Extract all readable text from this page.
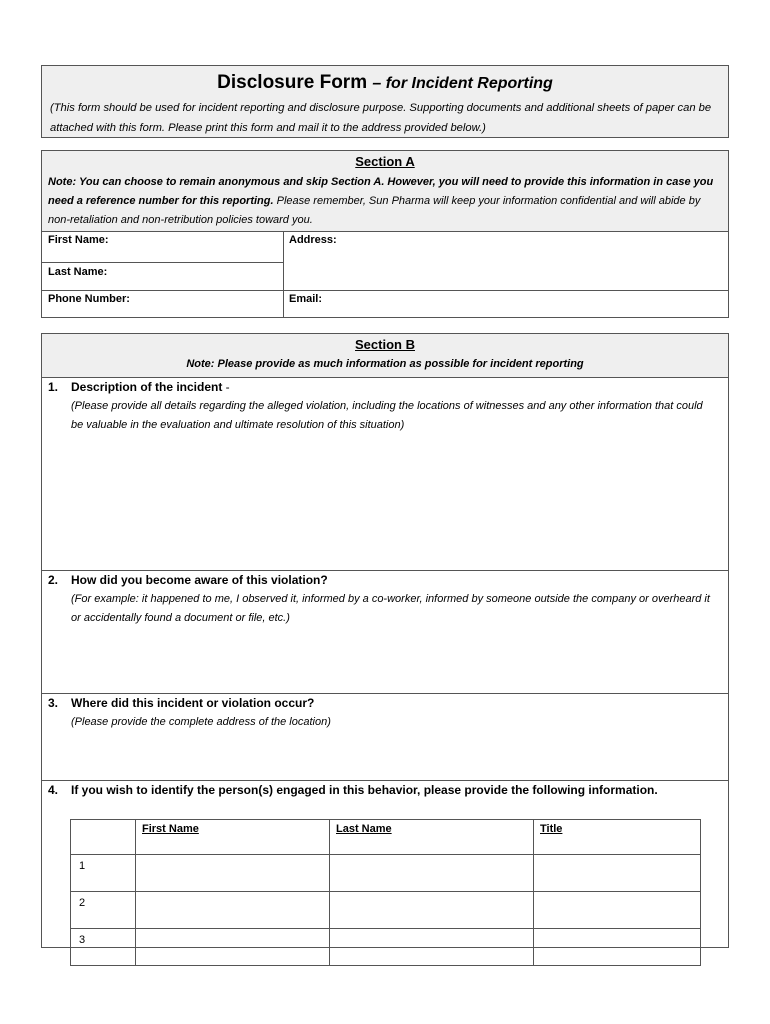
Disclosure Form – for Incident Reporting
(This form should be used for incident reporting and disclosure purpose. Supporting documents and additional sheets of paper can be attached with this form. Please print this form and mail it to the address provided below.)
Section A
Note: You can choose to remain anonymous and skip Section A. However, you will need to provide this information in case you need a reference number for this reporting. Please remember, Sun Pharma will keep your information confidential and will abide by non-retaliation and non-retribution policies toward you.
First Name:
Last Name:
Phone Number:
Address:
Email:
Section B
Note: Please provide as much information as possible for incident reporting
1. Description of the incident -
(Please provide all details regarding the alleged violation, including the locations of witnesses and any other information that could be valuable in the evaluation and ultimate resolution of this situation)
2. How did you become aware of this violation?
(For example: it happened to me, I observed it, informed by a co-worker, informed by someone outside the company or overheard it or accidentally found a document or file, etc.)
3. Where did this incident or violation occur?
(Please provide the complete address of the location)
4. If you wish to identify the person(s) engaged in this behavior, please provide the following information.
	First Name	Last Name	Title
1			
2			
3			
